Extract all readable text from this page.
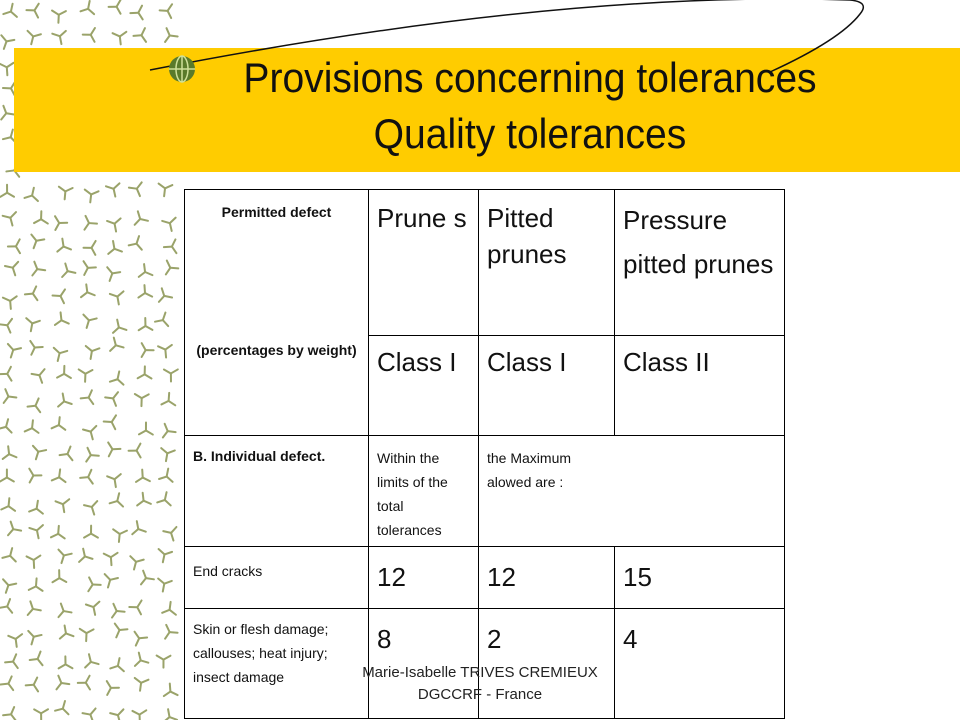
Provisions concerning tolerances
Quality tolerances
Permitted defect
(percentages by weight)	Prune s	Pitted prunes	Pressure pitted prunes
	Class I	Class I	Class II
B. Individual defect.	Within the limits of the total tolerances	the Maximum alowed are :	
End cracks	12	12	15
Skin or flesh damage; callouses; heat injury; insect damage	8	2	4
Marie-Isabelle TRIVES CREMIEUX
DGCCRF - France
